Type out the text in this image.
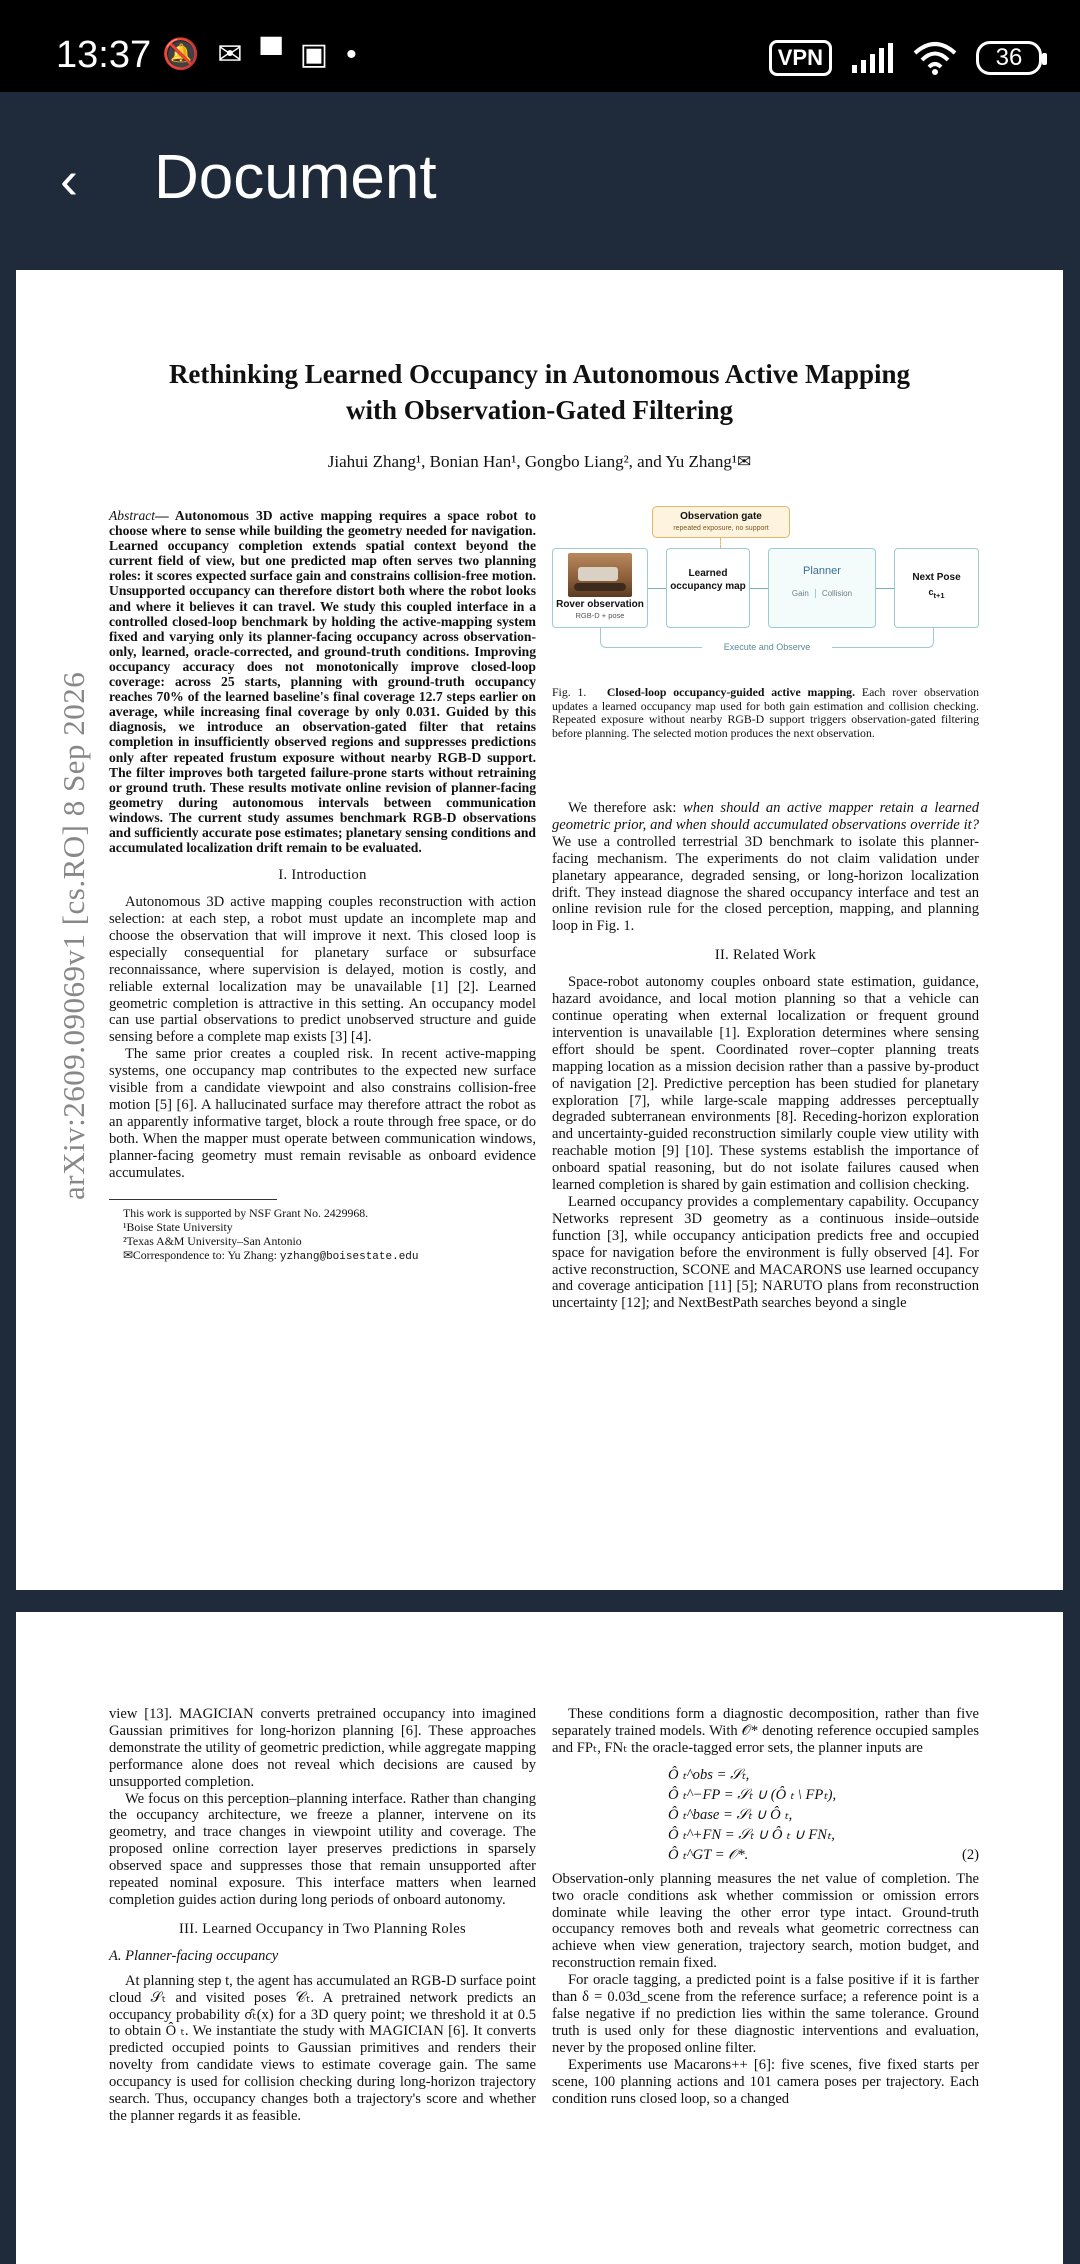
13:37 🔕 ✉ ▀ ▣ •	VPN	36
‹	Document
Rethinking Learned Occupancy in Autonomous Active Mapping
with Observation-Gated Filtering
Jiahui Zhang¹, Bonian Han¹, Gongbo Liang², and Yu Zhang¹✉
arXiv:2609.09069v1 [cs.RO] 8 Sep 2026

Abstract— Autonomous 3D active mapping requires a space robot to choose where to sense while building the geometry needed for navigation. Learned occupancy completion extends spatial context beyond the current field of view, but one predicted map often serves two planning roles: it scores expected surface gain and constrains collision-free motion. Unsupported occupancy can therefore distort both where the robot looks and where it believes it can travel. We study this coupled interface in a controlled closed-loop benchmark by holding the active-mapping system fixed and varying only its planner-facing occupancy across observation-only, learned, oracle-corrected, and ground-truth conditions. Improving occupancy accuracy does not monotonically improve closed-loop coverage: across 25 starts, planning with ground-truth occupancy reaches 70% of the learned baseline's final coverage 12.7 steps earlier on average, while increasing final coverage by only 0.031. Guided by this diagnosis, we introduce an observation-gated filter that retains completion in insufficiently observed regions and suppresses predictions only after repeated frustum exposure without nearby RGB-D support. The filter improves both targeted failure-prone starts without retraining or ground truth. These results motivate online revision of planner-facing geometry during autonomous intervals between communication windows. The current study assumes benchmark RGB-D observations and sufficiently accurate pose estimates; planetary sensing conditions and accumulated localization drift remain to be evaluated.

I. Introduction

Autonomous 3D active mapping couples reconstruction with action selection: at each step, a robot must update an incomplete map and choose the observation that will improve it next. This closed loop is especially consequential for planetary surface or subsurface reconnaissance, where supervision is delayed, motion is costly, and reliable external localization may be unavailable [1] [2]. Learned geometric completion is attractive in this setting. An occupancy model can use partial observations to predict unobserved structure and guide sensing before a complete map exists [3] [4].

The same prior creates a coupled risk. In recent active-mapping systems, one occupancy map contributes to the expected new surface visible from a candidate viewpoint and also constrains collision-free motion [5] [6]. A hallucinated surface may therefore attract the robot as an apparently informative target, block a route through free space, or do both. When the mapper must operate between communication windows, planner-facing geometry must remain revisable as onboard evidence accumulates.

This work is supported by NSF Grant No. 2429968.
¹Boise State University
²Texas A&M University–San Antonio
✉Correspondence to: Yu Zhang: yzhang@boisestate.edu
Execute and Observe
Observation gate
repeated exposure, no support
Rover observation
RGB-D + pose
Learned occupancy map
Planner
Gain	Collision
Next Pose
$c_{t+1}$
Fig. 1. Closed-loop occupancy-guided active mapping. Each rover observation updates a learned occupancy map used for both gain estimation and collision checking. Repeated exposure without nearby RGB-D support triggers observation-gated filtering before planning. The selected motion produces the next observation.

We therefore ask: when should an active mapper retain a learned geometric prior, and when should accumulated observations override it? We use a controlled terrestrial 3D benchmark to isolate this planner-facing mechanism. The experiments do not claim validation under planetary appearance, degraded sensing, or long-horizon localization drift. They instead diagnose the shared occupancy interface and test an online revision rule for the closed perception, mapping, and planning loop in Fig. 1.

II. Related Work

Space-robot autonomy couples onboard state estimation, guidance, hazard avoidance, and local motion planning so that a vehicle can continue operating when external localization or frequent ground intervention is unavailable [1]. Exploration determines where sensing effort should be spent. Coordinated rover–copter planning treats mapping location as a mission decision rather than a passive by-product of navigation [2]. Predictive perception has been studied for planetary exploration [7], while large-scale mapping addresses perceptually degraded subterranean environments [8]. Receding-horizon exploration and uncertainty-guided reconstruction similarly couple view utility with reachable motion [9] [10]. These systems establish the importance of onboard spatial reasoning, but do not isolate failures caused when learned completion is shared by gain estimation and collision checking.

Learned occupancy provides a complementary capability. Occupancy Networks represent 3D geometry as a continuous inside–outside function [3], while occupancy anticipation predicts free and occupied space for navigation before the environment is fully observed [4]. For active reconstruction, SCONE and MACARONS use learned occupancy and coverage anticipation [11] [5]; NARUTO plans from reconstruction uncertainty [12]; and NextBestPath searches beyond a single

view [13]. MAGICIAN converts pretrained occupancy into imagined Gaussian primitives for long-horizon planning [6]. These approaches demonstrate the utility of geometric prediction, while aggregate mapping performance alone does not reveal which decisions are caused by unsupported completion.

We focus on this perception–planning interface. Rather than changing the occupancy architecture, we freeze a planner, intervene on its geometry, and trace changes in viewpoint utility and coverage. The proposed online correction layer preserves predictions in sparsely observed space and suppresses those that remain unsupported after repeated nominal exposure. This interface matters when learned completion guides action during long periods of onboard autonomy.

III. Learned Occupancy in Two Planning Roles
A. Planner-facing occupancy

At planning step t, the agent has accumulated an RGB-D surface point cloud 𝒮ₜ and visited poses 𝒞ₜ. A pretrained network predicts an occupancy probability σ̂ₜ(x) for a 3D query point; we threshold it at 0.5 to obtain Ô ₜ. We instantiate the study with MAGICIAN [6]. It converts predicted occupied points to Gaussian primitives and renders their novelty from candidate views to estimate coverage gain. The same occupancy is used for collision checking during long-horizon trajectory search. Thus, occupancy changes both a trajectory's score and whether the planner regards it as feasible.

These conditions form a diagnostic decomposition, rather than five separately trained models. With 𝒪* denoting reference occupied samples and FPₜ, FNₜ the oracle-tagged error sets, the planner inputs are

Ô ₜ^obs = 𝒮ₜ,
Ô ₜ^−FP = 𝒮ₜ ∪ (Ô ₜ \ FPₜ),
Ô ₜ^base = 𝒮ₜ ∪ Ô ₜ,
Ô ₜ^+FN = 𝒮ₜ ∪ Ô ₜ ∪ FNₜ,
Ô ₜ^GT = 𝒪*.	(2)

Observation-only planning measures the net value of completion. The two oracle conditions ask whether commission or omission errors dominate while leaving the other error type intact. Ground-truth occupancy removes both and reveals what geometric correctness can achieve when view generation, trajectory search, motion budget, and reconstruction remain fixed.

For oracle tagging, a predicted point is a false positive if it is farther than δ = 0.03d_scene from the reference surface; a reference point is a false negative if no prediction lies within the same tolerance. Ground truth is used only for these diagnostic interventions and evaluation, never by the proposed online filter.

Experiments use Macarons++ [6]: five scenes, five fixed starts per scene, 100 planning actions and 101 camera poses per trajectory. Each condition runs closed loop, so a changed
